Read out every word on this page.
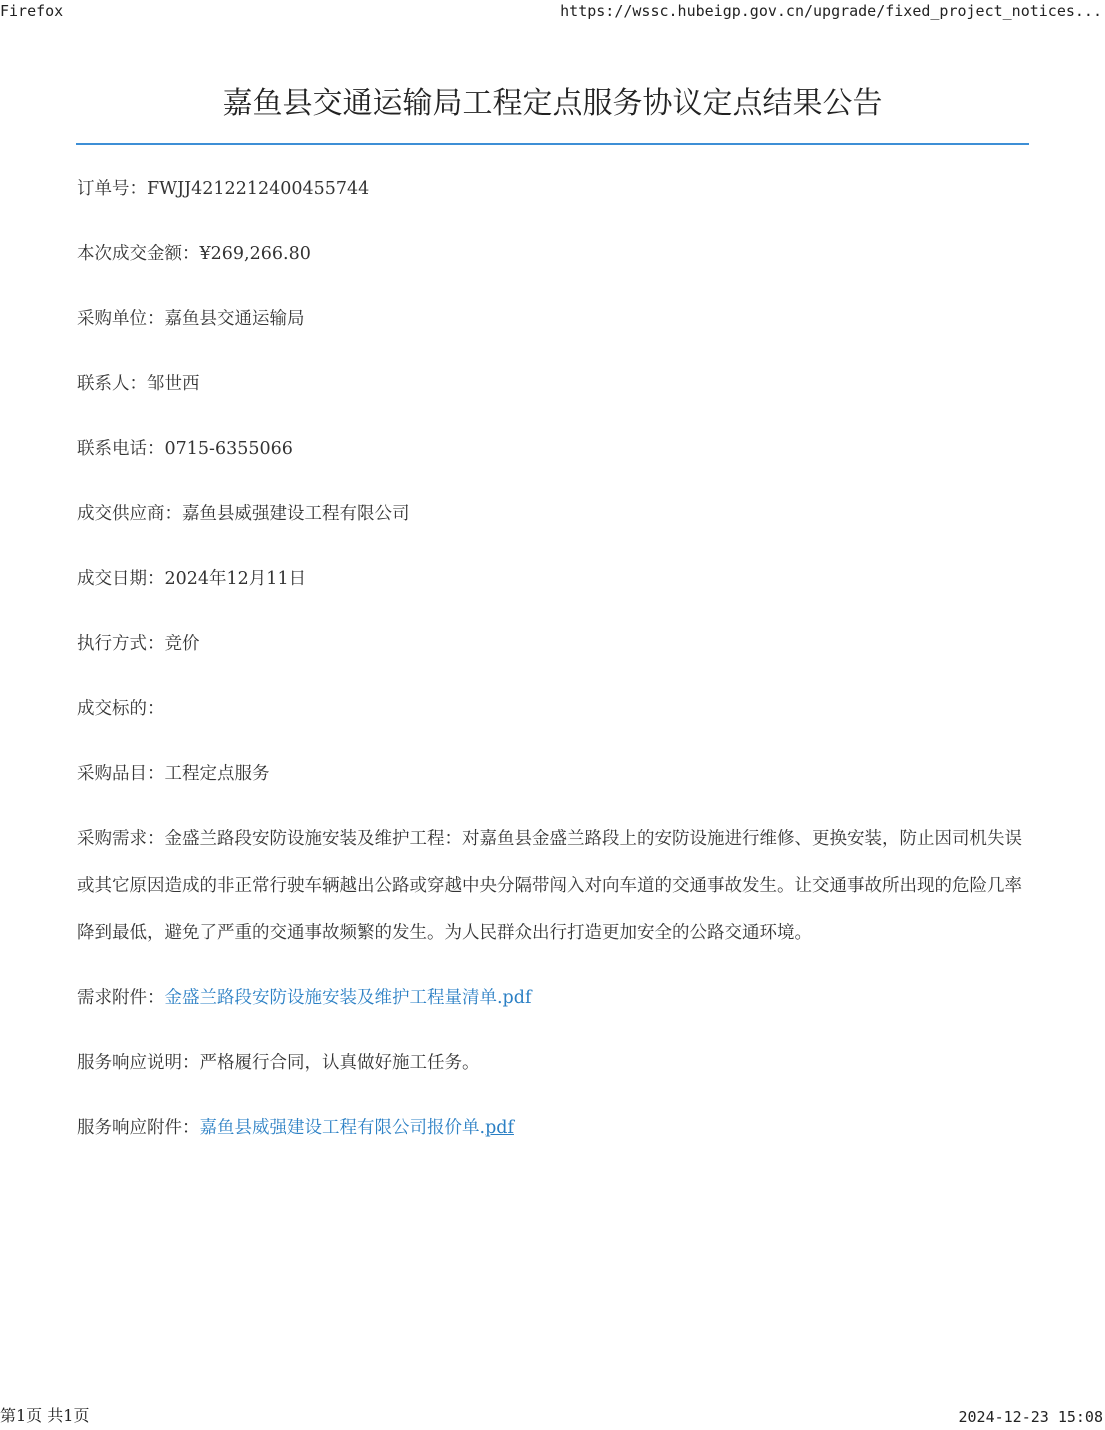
Firefox	https://wssc.hubeigp.gov.cn/upgrade/fixed_project_notices...
嘉鱼县交通运输局工程定点服务协议定点结果公告
订单号：FWJJ4212212400455744
本次成交金额：¥269,266.80
采购单位：嘉鱼县交通运输局
联系人：邹世西
联系电话：0715-6355066
成交供应商：嘉鱼县威强建设工程有限公司
成交日期：2024年12月11日
执行方式：竞价
成交标的：
采购品目：工程定点服务
采购需求：金盛兰路段安防设施安装及维护工程：对嘉鱼县金盛兰路段上的安防设施进行维修、更换安装，防止因司机失误或其它原因造成的非正常行驶车辆越出公路或穿越中央分隔带闯入对向车道的交通事故发生。让交通事故所出现的危险几率降到最低，避免了严重的交通事故频繁的发生。为人民群众出行打造更加安全的公路交通环境。
需求附件：金盛兰路段安防设施安装及维护工程量清单.pdf
服务响应说明：严格履行合同，认真做好施工任务。
服务响应附件：嘉鱼县威强建设工程有限公司报价单.pdf
第1页 共1页	2024-12-23 15:08
